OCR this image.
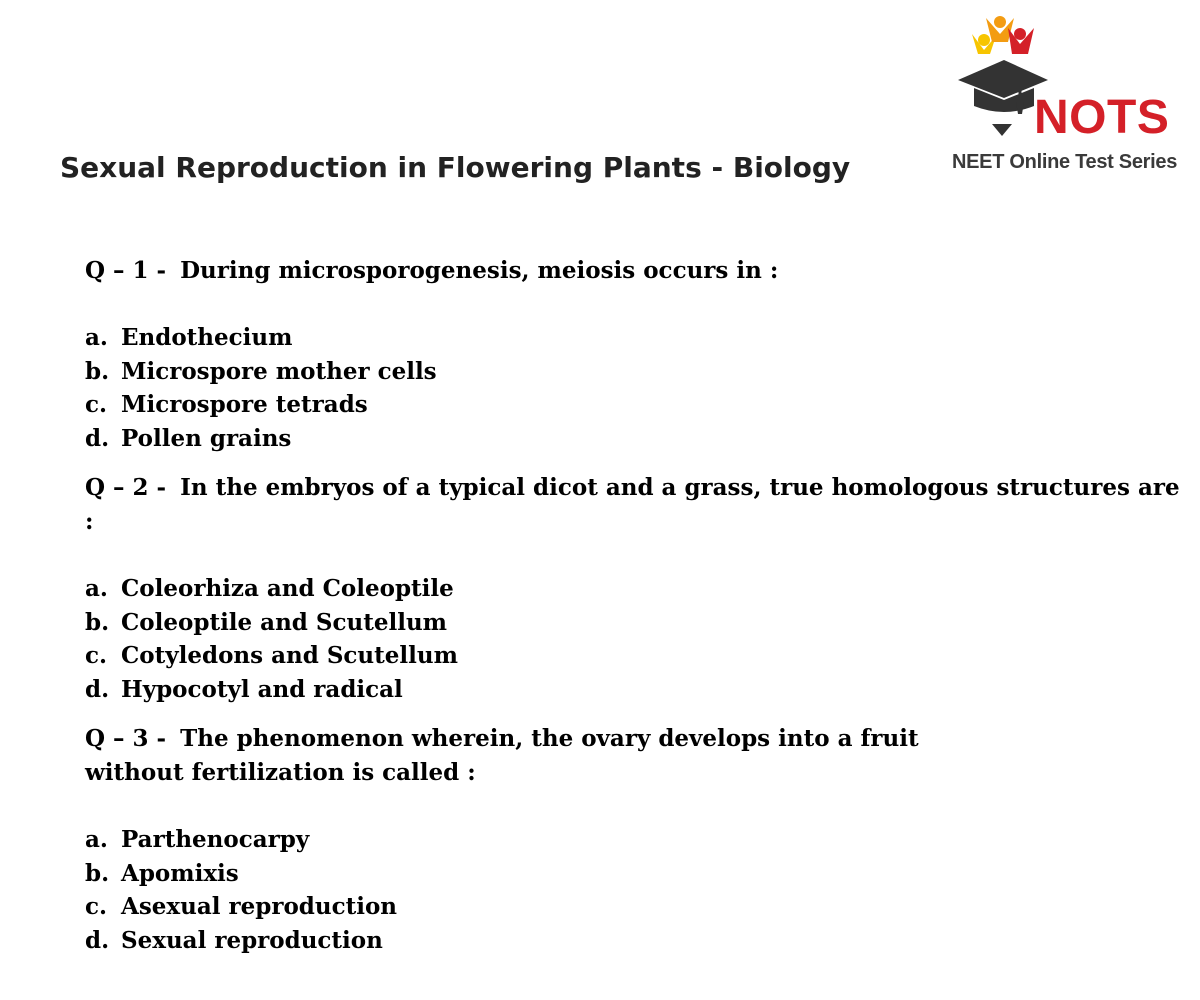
NOTS
NEET Online Test Series
Sexual Reproduction in Flowering Plants - Biology

Q – 1 - During microsporogenesis, meiosis occurs in :

a. Endothecium
b. Microspore mother cells
c. Microspore tetrads
d. Pollen grains

Q – 2 - In the embryos of a typical dicot and a grass, true homologous structures are :

a. Coleorhiza and Coleoptile
b. Coleoptile and Scutellum
c. Cotyledons and Scutellum
d. Hypocotyl and radical

Q – 3 - The phenomenon wherein, the ovary develops into a fruit
without fertilization is called :

a. Parthenocarpy
b. Apomixis
c. Asexual reproduction
d. Sexual reproduction
